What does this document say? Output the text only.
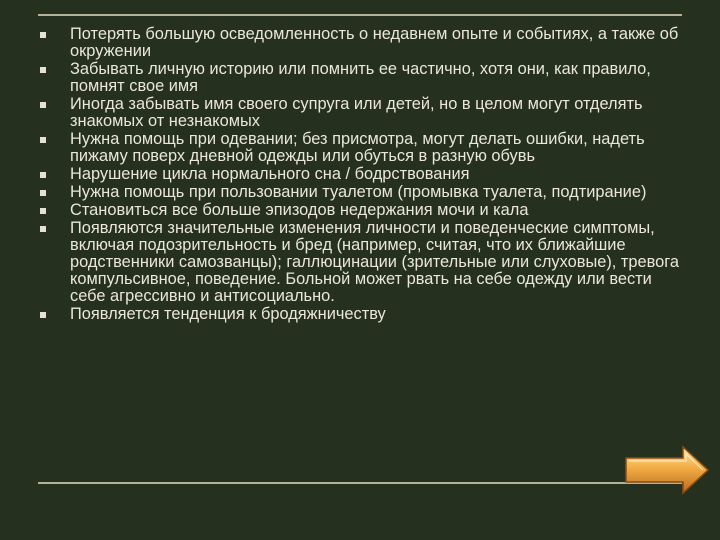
Потерять большую осведомленность о недавнем опыте и событиях, а также об окружении
Забывать личную историю или помнить ее частично, хотя они, как правило, помнят свое имя
Иногда забывать имя своего супруга или детей, но в целом могут отделять знакомых от незнакомых
Нужна помощь при одевании; без присмотра, могут делать ошибки, надеть пижаму поверх дневной одежды или обуться в разную обувь
Нарушение цикла нормального сна / бодрствования
Нужна помощь при пользовании туалетом (промывка туалета, подтирание)
Становиться все больше эпизодов недержания мочи и кала
Появляются значительные изменения личности и поведенческие симптомы, включая подозрительность и бред (например, считая, что их ближайшие родственники самозванцы); галлюцинации (зрительные или слуховые), тревога компульсивное, поведение. Больной может рвать на себе одежду или вести себе агрессивно и антисоциально.
Появляется тенденция к бродяжничеству
